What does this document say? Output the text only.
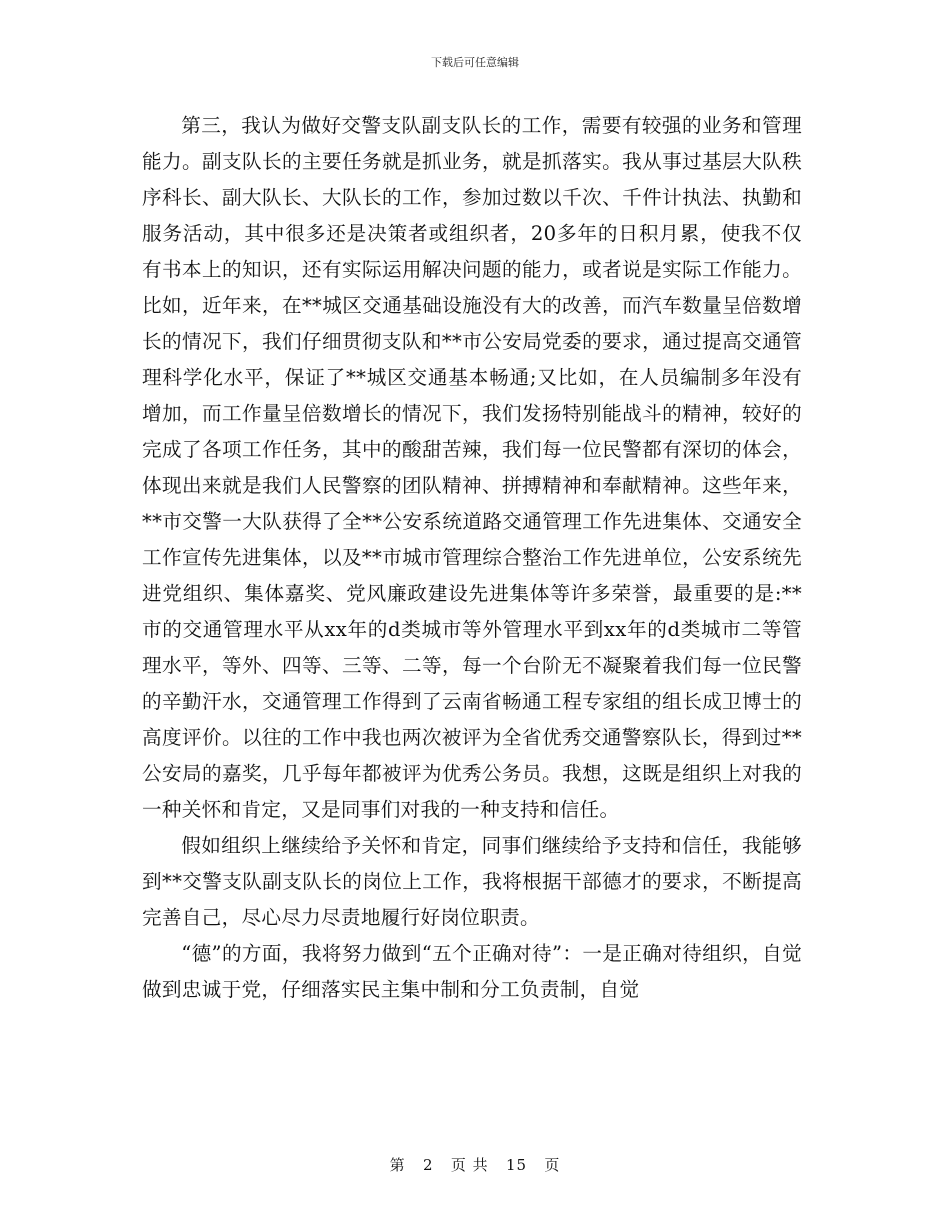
下载后可任意编辑

第三，我认为做好交警支队副支队长的工作，需要有较强的业务和管理能力。副支队长的主要任务就是抓业务，就是抓落实。我从事过基层大队秩序科长、副大队长、大队长的工作，参加过数以千次、千件计执法、执勤和服务活动，其中很多还是决策者或组织者，20多年的日积月累，使我不仅有书本上的知识，还有实际运用解决问题的能力，或者说是实际工作能力。比如，近年来，在**城区交通基础设施没有大的改善，而汽车数量呈倍数增长的情况下，我们仔细贯彻支队和**市公安局党委的要求，通过提高交通管理科学化水平，保证了**城区交通基本畅通;又比如，在人员编制多年没有增加，而工作量呈倍数增长的情况下，我们发扬特别能战斗的精神，较好的完成了各项工作任务，其中的酸甜苦辣，我们每一位民警都有深切的体会，体现出来就是我们人民警察的团队精神、拼搏精神和奉献精神。这些年来，**市交警一大队获得了全**公安系统道路交通管理工作先进集体、交通安全工作宣传先进集体，以及**市城市管理综合整治工作先进单位，公安系统先进党组织、集体嘉奖、党风廉政建设先进集体等许多荣誉，最重要的是:**市的交通管理水平从xx年的d类城市等外管理水平到xx年的d类城市二等管理水平，等外、四等、三等、二等，每一个台阶无不凝聚着我们每一位民警的辛勤汗水，交通管理工作得到了云南省畅通工程专家组的组长成卫博士的高度评价。以往的工作中我也两次被评为全省优秀交通警察队长，得到过**公安局的嘉奖，几乎每年都被评为优秀公务员。我想，这既是组织上对我的一种关怀和肯定，又是同事们对我的一种支持和信任。

假如组织上继续给予关怀和肯定，同事们继续给予支持和信任，我能够到**交警支队副支队长的岗位上工作，我将根据干部德才的要求，不断提高完善自己，尽心尽力尽责地履行好岗位职责。

“德”的方面，我将努力做到“五个正确对待”：一是正确对待组织，自觉做到忠诚于党，仔细落实民主集中制和分工负责制，自觉

第 2 页 共 15 页
